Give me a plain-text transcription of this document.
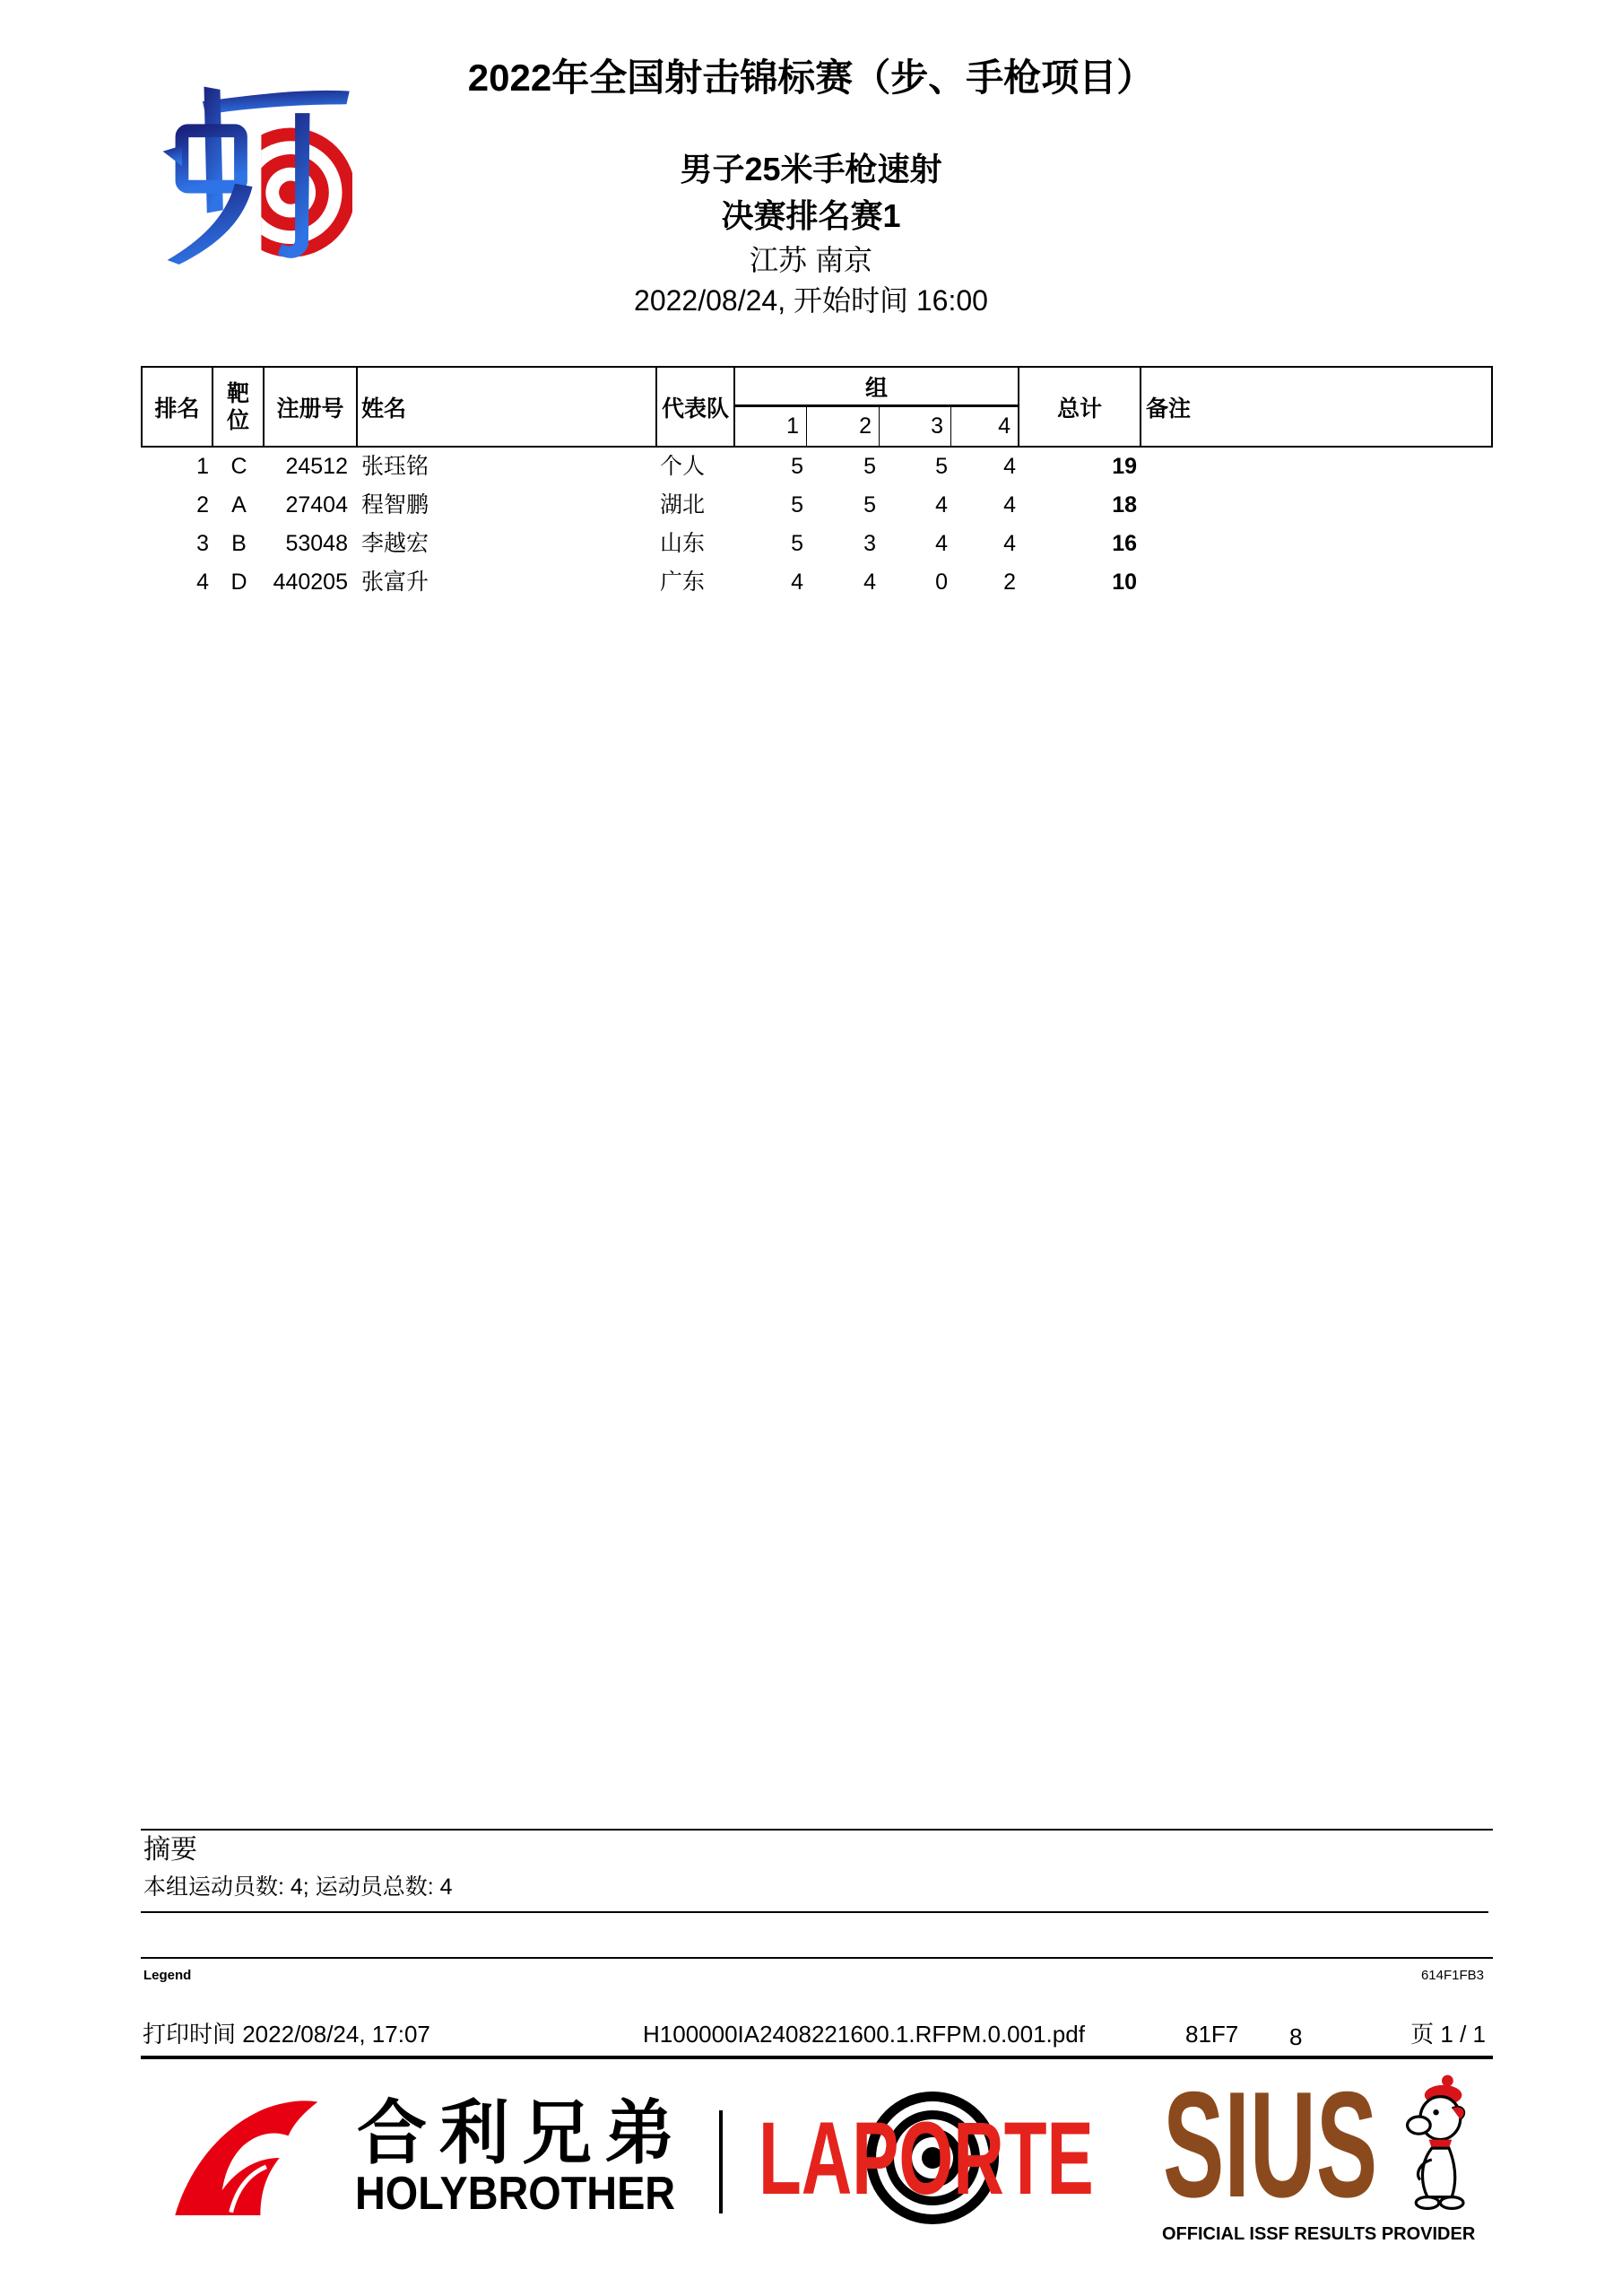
2022年全国射击锦标赛（步、手枪项目）
男子25米手枪速射
决赛排名赛1
江苏 南京
2022/08/24, 开始时间 16:00
排名
靶
位	注册号 姓名	代表队
组
1	2	3	4
总计	备注
1 C	24512 张珏铭	个人	5	5	5	4	19
2	A	27404 程智鹏	湖北	5	5	4	4	18
3	B	53048 李越宏	山东	5	3	4	4	16
4 D	440205 张富升	广东	4	4	0	2	10
摘要
本组运动员数: 4; 运动员总数: 4
Legend	614F1FB3
打印时间 2022/08/24, 17:07	H100000IA2408221600.1.RFPM.0.001.pdf	81F7 8	页 1 / 1
合利兄弟
HOLYBROTHER LAPORTE SIUS
OFFICIAL ISSF RESULTS PROVIDER
